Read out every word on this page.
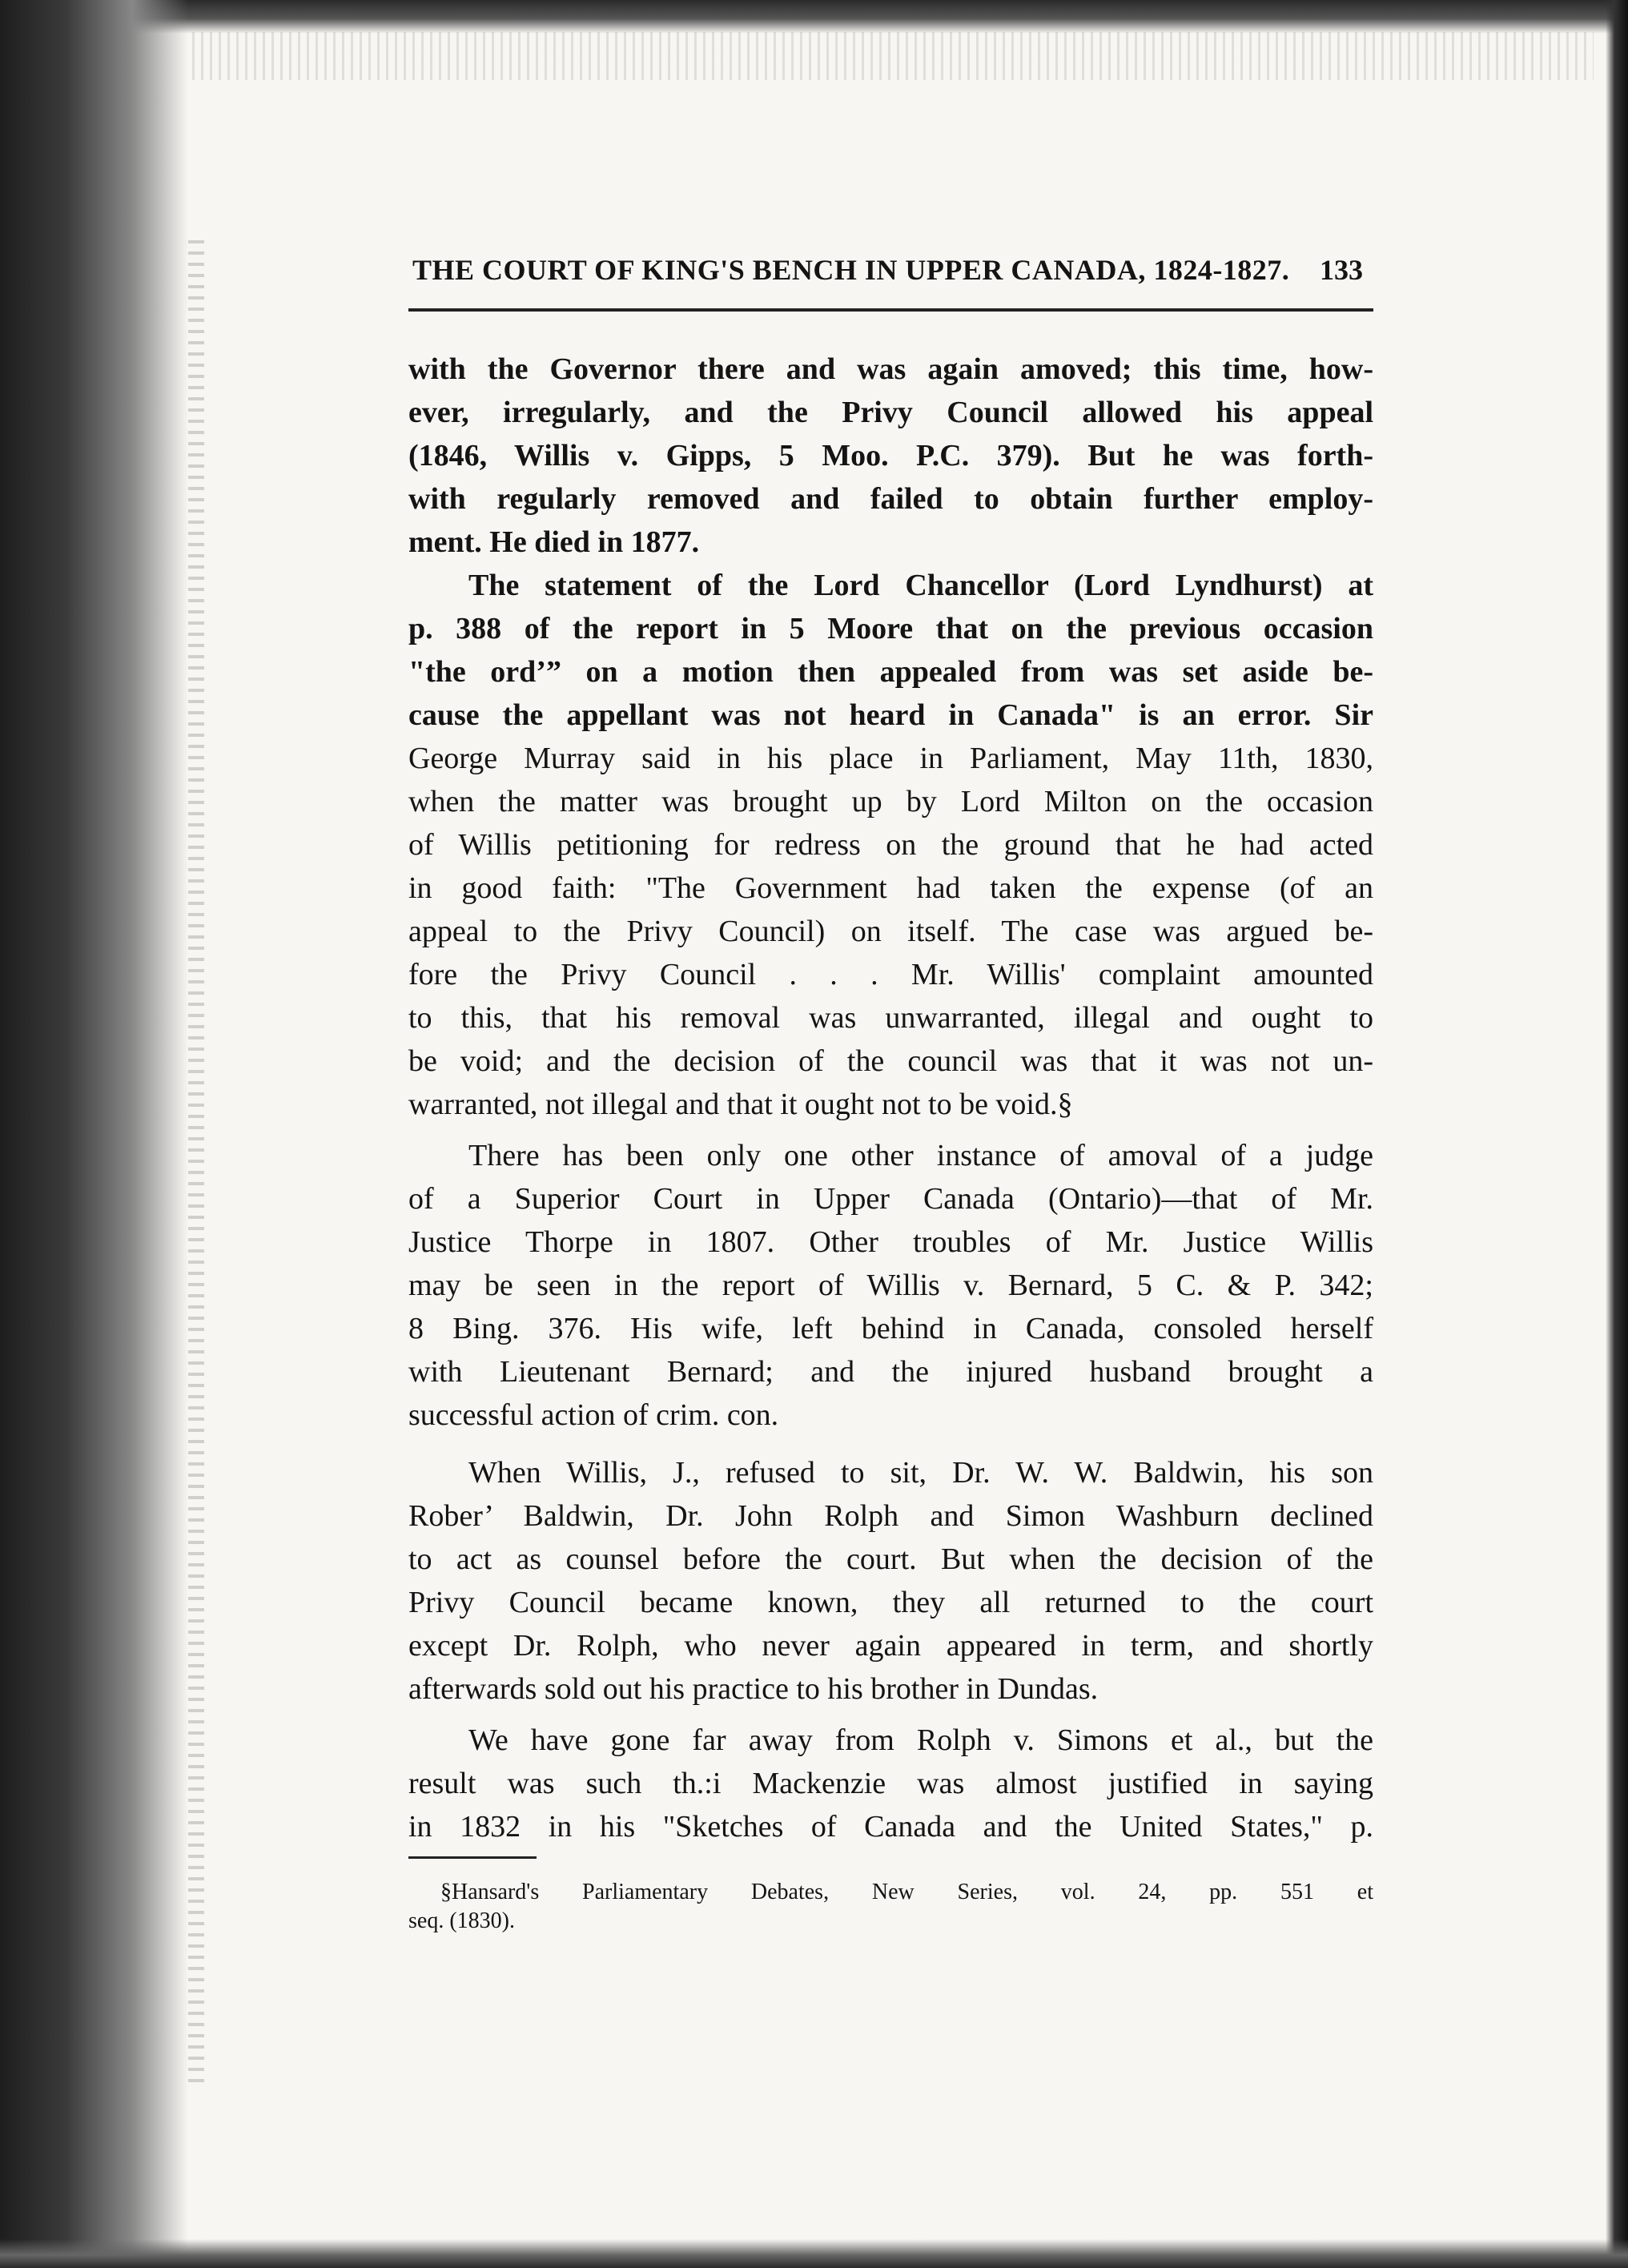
THE COURT OF KING'S BENCH IN UPPER CANADA, 1824-1827.	133
with the Governor there and was again amoved; this time, how-
ever, irregularly, and the Privy Council allowed his appeal
(1846, Willis v. Gipps, 5 Moo. P.C. 379). But he was forth-
with regularly removed and failed to obtain further employ-
ment. He died in 1877.
The statement of the Lord Chancellor (Lord Lyndhurst) at
p. 388 of the report in 5 Moore that on the previous occasion
"the ord’” on a motion then appealed from was set aside be-
cause the appellant was not heard in Canada" is an error. Sir
George Murray said in his place in Parliament, May 11th, 1830,
when the matter was brought up by Lord Milton on the occasion
of Willis petitioning for redress on the ground that he had acted
in good faith: "The Government had taken the expense (of an
appeal to the Privy Council) on itself. The case was argued be-
fore the Privy Council . . . Mr. Willis' complaint amounted
to this, that his removal was unwarranted, illegal and ought to
be void; and the decision of the council was that it was not un-
warranted, not illegal and that it ought not to be void.§
There has been only one other instance of amoval of a judge
of a Superior Court in Upper Canada (Ontario)—that of Mr.
Justice Thorpe in 1807. Other troubles of Mr. Justice Willis
may be seen in the report of Willis v. Bernard, 5 C. & P. 342;
8 Bing. 376. His wife, left behind in Canada, consoled herself
with Lieutenant Bernard; and the injured husband brought a
successful action of crim. con.
When Willis, J., refused to sit, Dr. W. W. Baldwin, his son
Rober’ Baldwin, Dr. John Rolph and Simon Washburn declined
to act as counsel before the court. But when the decision of the
Privy Council became known, they all returned to the court
except Dr. Rolph, who never again appeared in term, and shortly
afterwards sold out his practice to his brother in Dundas.
We have gone far away from Rolph v. Simons et al., but the
result was such th.:i Mackenzie was almost justified in saying
in 1832 in his "Sketches of Canada and the United States," p.
§Hansard's Parliamentary Debates, New Series, vol. 24, pp. 551 et
seq. (1830).
